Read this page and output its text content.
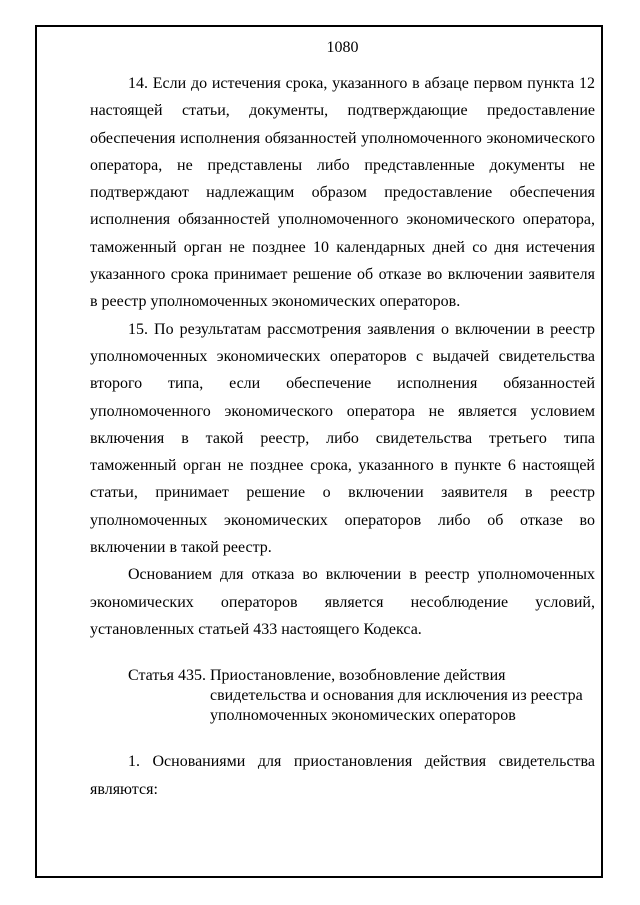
1080

14. Если до истечения срока, указанного в абзаце первом пункта 12 настоящей статьи, документы, подтверждающие предоставление обеспечения исполнения обязанностей уполномоченного экономического оператора, не представлены либо представленные документы не подтверждают надлежащим образом предоставление обеспечения исполнения обязанностей уполномоченного экономического оператора, таможенный орган не позднее 10 календарных дней со дня истечения указанного срока принимает решение об отказе во включении заявителя в реестр уполномоченных экономических операторов.

15. По результатам рассмотрения заявления о включении в реестр уполномоченных экономических операторов с выдачей свидетельства второго типа, если обеспечение исполнения обязанностей уполномоченного экономического оператора не является условием включения в такой реестр, либо свидетельства третьего типа таможенный орган не позднее срока, указанного в пункте 6 настоящей статьи, принимает решение о включении заявителя в реестр уполномоченных экономических операторов либо об отказе во включении в такой реестр.

Основанием для отказа во включении в реестр уполномоченных экономических операторов является несоблюдение условий, установленных статьей 433 настоящего Кодекса.

Статья 435. Приостановление, возобновление действия
свидетельства и основания для исключения из реестра
уполномоченных экономических операторов

1. Основаниями для приостановления действия свидетельства являются:
